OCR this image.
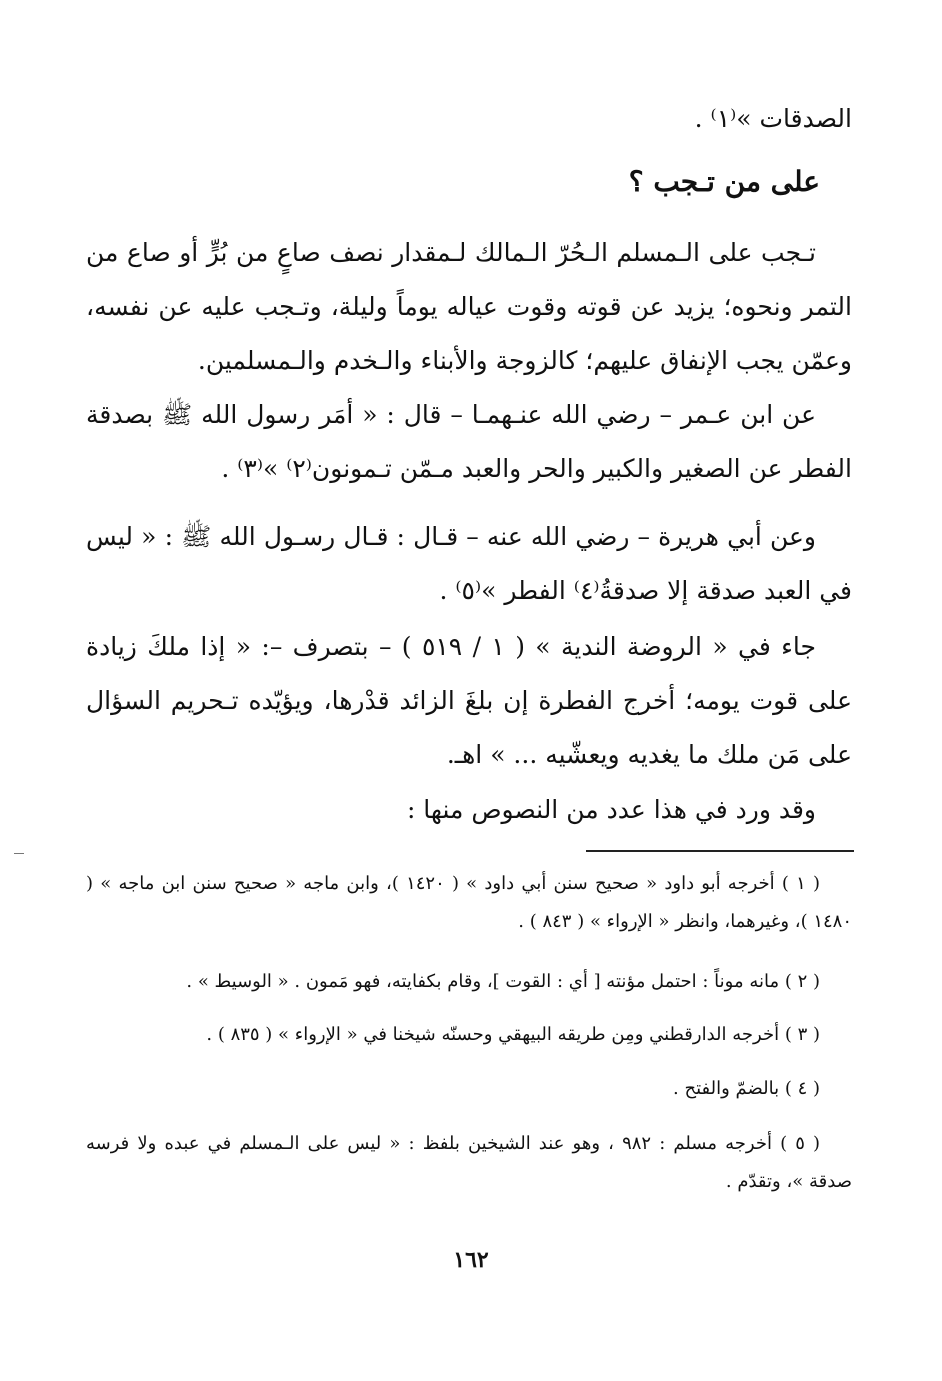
الصدقات »⁽١⁾ .
على من تـجب ؟
تـجب على الـمسلم الـحُرّ الـمالك لـمقدار نصف صاعٍ من بُرٍّ أو صاع من التمر ونحوه؛ يزيد عن قوته وقوت عياله يوماً وليلة، وتـجب عليه عن نفسه، وعمّن يجب الإنفاق عليهم؛ كالزوجة والأبناء والـخدم والـمسلمين.
عن ابن عـمر – رضي الله عنـهمـا – قال : « أمَر رسول الله ﷺ بصدقة الفطر عن الصغير والكبير والحر والعبد مـمّن تـمونون⁽٢⁾ »⁽٣⁾ .
وعن أبي هريرة – رضي الله عنه – قـال : قـال رسـول الله ﷺ : « ليس في العبد صدقة إلا صدقةُ⁽٤⁾ الفطر »⁽٥⁾ .
جاء في « الروضة الندية » ( ١ / ٥١٩ ) – بتصرف –: « إذا ملكَ زيادة على قوت يومه؛ أخرج الفطرة إن بلغَ الزائد قدْرها، ويؤيّده تـحريم السؤال على مَن ملك ما يغديه ويعشّيه ... » اهـ.
وقد ورد في هذا عدد من النصوص منها :
( ١ ) أخرجه أبو داود « صحيح سنن أبي داود » ( ١٤٢٠ )، وابن ماجه « صحيح سنن ابن ماجه » ( ١٤٨٠ )، وغيرهما، وانظر « الإرواء » ( ٨٤٣ ) .
( ٢ ) مانه موناً : احتمل مؤنته [ أي : القوت ]، وقام بكفايته، فهو مَمون . « الوسيط » .
( ٣ ) أخرجه الدارقطني ومِن طريقه البيهقي وحسنّه شيخنا في « الإرواء » ( ٨٣٥ ) .
( ٤ ) بالضمّ والفتح .
( ٥ ) أخرجه مسلم : ٩٨٢ ، وهو عند الشيخين بلفظ : « ليس على الـمسلم في عبده ولا فرسه صدقة »، وتقدّم .
١٦٢
